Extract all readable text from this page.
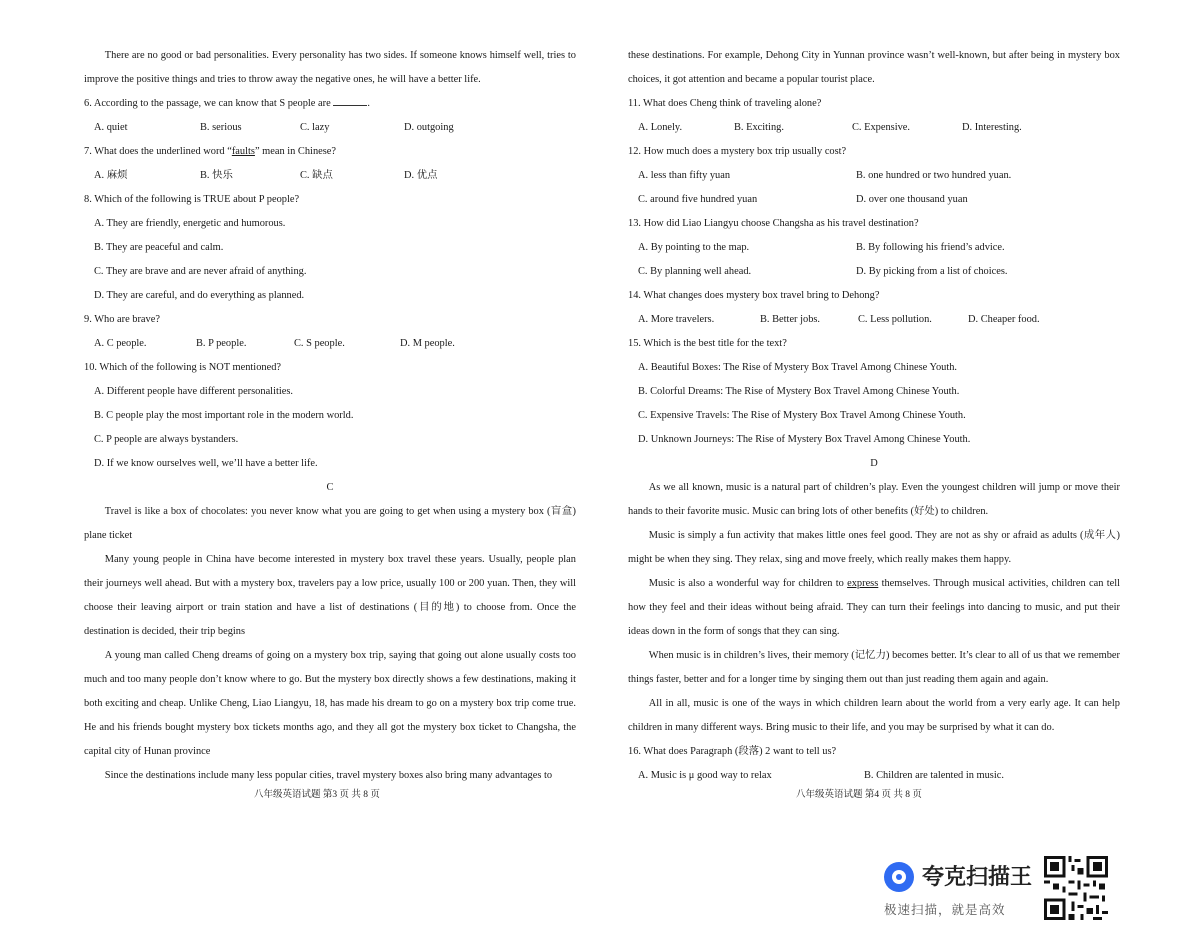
There are no good or bad personalities. Every personality has two sides. If someone knows himself well, tries to improve the positive things and tries to throw away the negative ones, he will have a better life.

6. According to the passage, we can know that S people are	.

A. quiet	B. serious	C. lazy	D. outgoing

7. What does the underlined word “faults” mean in Chinese?

A. 麻烦	B. 快乐	C. 缺点	D. 优点

8. Which of the following is TRUE about P people?

A. They are friendly, energetic and humorous.

B. They are peaceful and calm.

C. They are brave and are never afraid of anything.

D. They are careful, and do everything as planned.

9. Who are brave?

A. C people.	B. P people.	C. S people.	D. M people.

10. Which of the following is NOT mentioned?

A. Different people have different personalities.

B. C people play the most important role in the modern world.

C. P people are always bystanders.

D. If we know ourselves well, we’ll have a better life.

C

Travel is like a box of chocolates: you never know what you are going to get when using a mystery box (盲盒) plane ticket

Many young people in China have become interested in mystery box travel these years. Usually, people plan their journeys well ahead. But with a mystery box, travelers pay a low price, usually 100 or 200 yuan. Then, they will choose their leaving airport or train station and have a list of destinations (目的地) to choose from. Once the destination is decided, their trip begins

A young man called Cheng dreams of going on a mystery box trip, saying that going out alone usually costs too much and too many people don’t know where to go. But the mystery box directly shows a few destinations, making it both exciting and cheap. Unlike Cheng, Liao Liangyu, 18, has made his dream to go on a mystery box trip come true. He and his friends bought mystery box tickets months ago, and they all got the mystery box ticket to Changsha, the capital city of Hunan province

Since the destinations include many less popular cities, travel mystery boxes also bring many advantages to

八年级英语试题 第3 页 共 8 页

these destinations. For example, Dehong City in Yunnan province wasn’t well-known, but after being in mystery box choices, it got attention and became a popular tourist place.

11. What does Cheng think of traveling alone?

A. Lonely.	B. Exciting.	C. Expensive.	D. Interesting.

12. How much does a mystery box trip usually cost?

A. less than fifty yuan	B. one hundred or two hundred yuan.
C. around five hundred yuan	D. over one thousand yuan

13. How did Liao Liangyu choose Changsha as his travel destination?

A. By pointing to the map.	B. By following his friend’s advice.
C. By planning well ahead.	D. By picking from a list of choices.

14. What changes does mystery box travel bring to Dehong?

A. More travelers.	B. Better jobs.	C. Less pollution.	D. Cheaper food.

15. Which is the best title for the text?

A. Beautiful Boxes: The Rise of Mystery Box Travel Among Chinese Youth.

B. Colorful Dreams: The Rise of Mystery Box Travel Among Chinese Youth.

C. Expensive Travels: The Rise of Mystery Box Travel Among Chinese Youth.

D. Unknown Journeys: The Rise of Mystery Box Travel Among Chinese Youth.

D

As we all known, music is a natural part of children’s play. Even the youngest children will jump or move their hands to their favorite music. Music can bring lots of other benefits (好处) to children.

Music is simply a fun activity that makes little ones feel good. They are not as shy or afraid as adults (成年人) might be when they sing. They relax, sing and move freely, which really makes them happy.

Music is also a wonderful way for children to express themselves. Through musical activities, children can tell how they feel and their ideas without being afraid. They can turn their feelings into dancing to music, and put their ideas down in the form of songs that they can sing.

When music is in children’s lives, their memory (记忆力) becomes better. It’s clear to all of us that we remember things faster, better and for a longer time by singing them out than just reading them again and again.

All in all, music is one of the ways in which children learn about the world from a very early age. It can help children in many different ways. Bring music to their life, and you may be surprised by what it can do.

16. What does Paragraph (段落) 2 want to tell us?

A. Music is μ good way to relax	B. Children are talented in music.
八年级英语试题 第4 页 共 8 页
夸克扫描王
极速扫描，就是高效
